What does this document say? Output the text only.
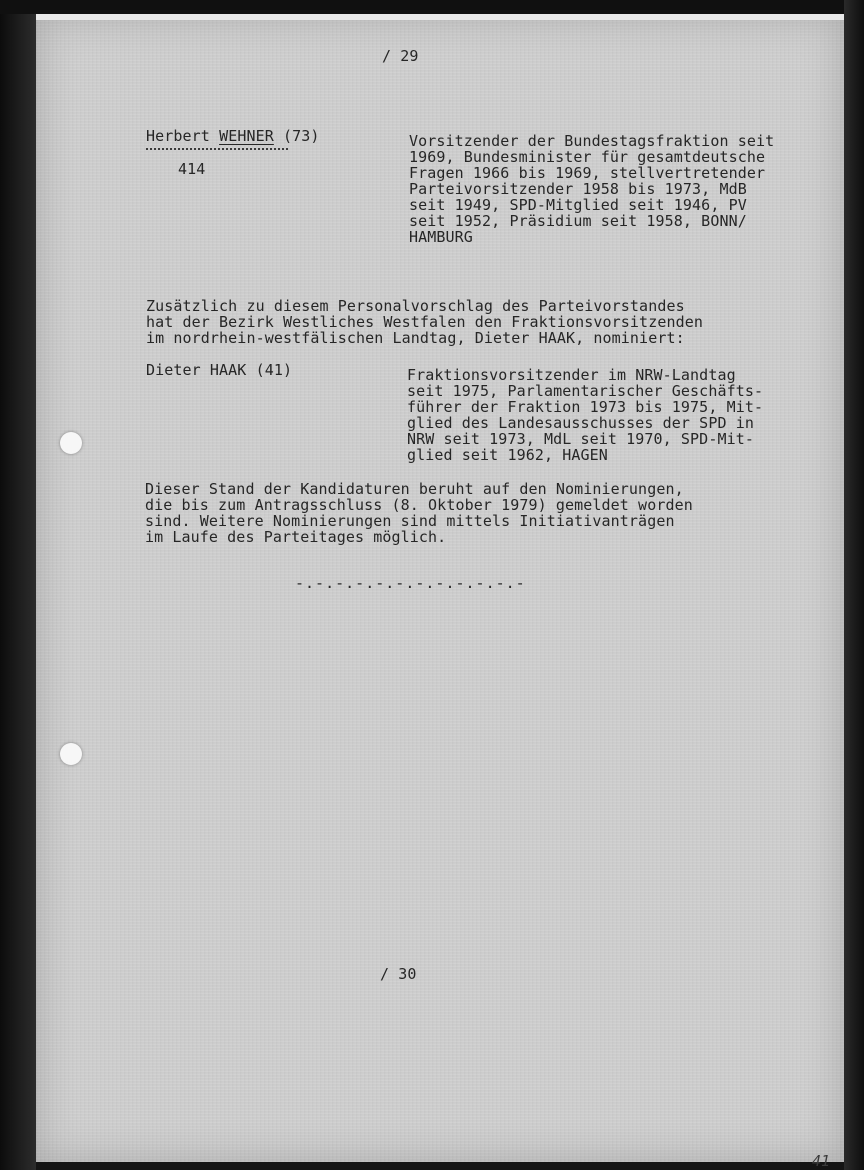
/ 29

Herbert WEHNER (73)

414

Vorsitzender der Bundestagsfraktion seit
1969, Bundesminister für gesamtdeutsche
Fragen 1966 bis 1969, stellvertretender
Parteivorsitzender 1958 bis 1973, MdB
seit 1949, SPD-Mitglied seit 1946, PV
seit 1952, Präsidium seit 1958, BONN/
HAMBURG
Zusätzlich zu diesem Personalvorschlag des Parteivorstandes
hat der Bezirk Westliches Westfalen den Fraktionsvorsitzenden
im nordrhein-westfälischen Landtag, Dieter HAAK, nominiert:

Dieter HAAK (41)	Fraktionsvorsitzender im NRW-Landtag
seit 1975, Parlamentarischer Geschäfts-
führer der Fraktion 1973 bis 1975, Mit-
glied des Landesausschusses der SPD in
NRW seit 1973, MdL seit 1970, SPD-Mit-
glied seit 1962, HAGEN
Dieser Stand der Kandidaturen beruht auf den Nominierungen,
die bis zum Antragsschluss (8. Oktober 1979) gemeldet worden
sind. Weitere Nominierungen sind mittels Initiativanträgen
im Laufe des Parteitages möglich.

-.-.-.-.-.-.-.-.-.-.-.-

/ 30

41
